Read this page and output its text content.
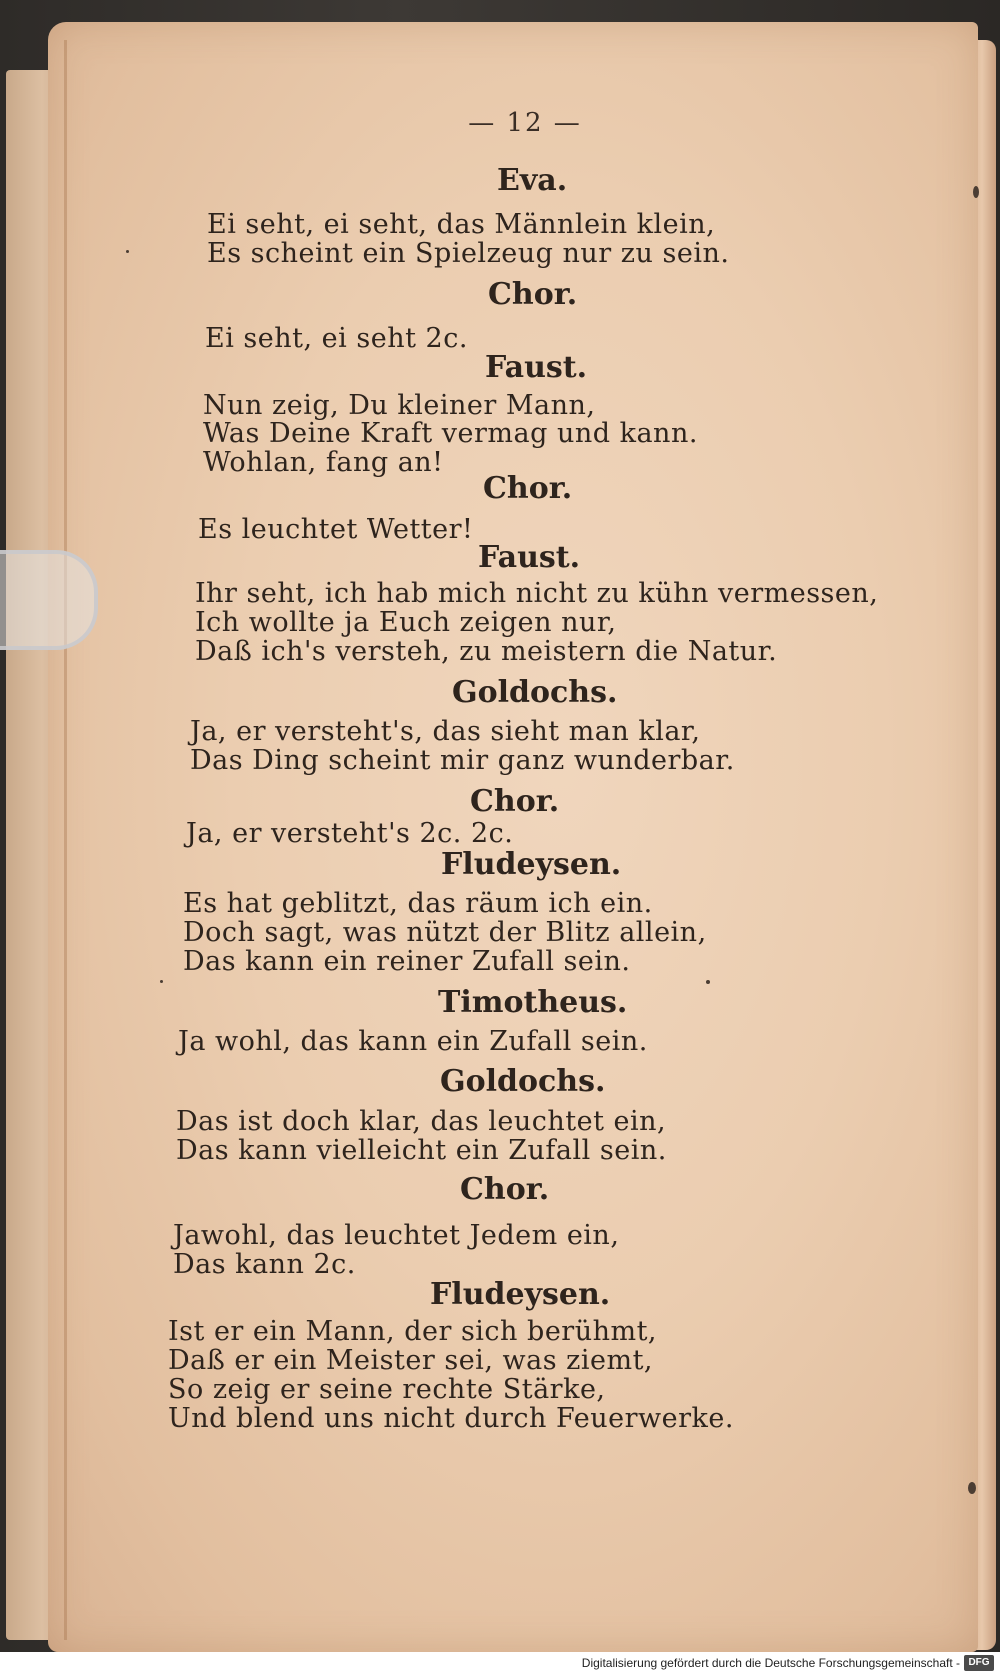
— 12 —
Eva.
Ei seht, ei seht, das Männlein klein,
Es scheint ein Spielzeug nur zu sein.
Chor.
Ei seht, ei seht 2c.
Faust.
Nun zeig, Du kleiner Mann,
Was Deine Kraft vermag und kann.
Wohlan, fang an!
Chor.
Es leuchtet Wetter!
Faust.
Ihr seht, ich hab mich nicht zu kühn vermessen,
Ich wollte ja Euch zeigen nur,
Daß ich's versteh, zu meistern die Natur.
Goldochs.
Ja, er versteht's, das sieht man klar,
Das Ding scheint mir ganz wunderbar.
Chor.
Ja, er versteht's 2c. 2c.
Fludeysen.
Es hat geblitzt, das räum ich ein.
Doch sagt, was nützt der Blitz allein,
Das kann ein reiner Zufall sein.
Timotheus.
Ja wohl, das kann ein Zufall sein.
Goldochs.
Das ist doch klar, das leuchtet ein,
Das kann vielleicht ein Zufall sein.
Chor.
Jawohl, das leuchtet Jedem ein,
Das kann 2c.
Fludeysen.
Ist er ein Mann, der sich berühmt,
Daß er ein Meister sei, was ziemt,
So zeig er seine rechte Stärke,
Und blend uns nicht durch Feuerwerke.
Digitalisierung gefördert durch die Deutsche Forschungsgemeinschaft - DFG
